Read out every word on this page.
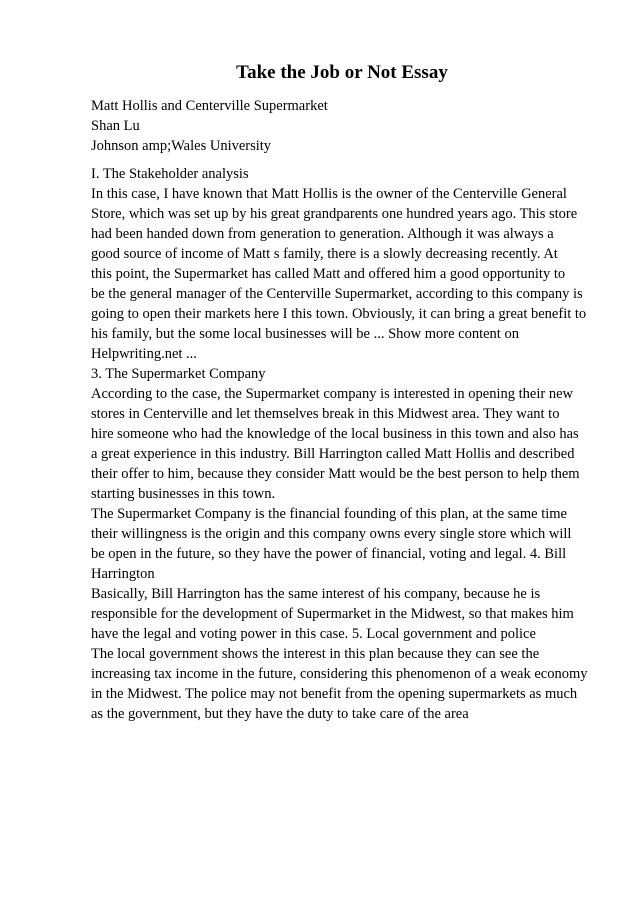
Take the Job or Not Essay
Matt Hollis and Centerville Supermarket
Shan Lu
Johnson amp;Wales University
I. The Stakeholder analysis
In this case, I have known that Matt Hollis is the owner of the Centerville General
Store, which was set up by his great grandparents one hundred years ago. This store
had been handed down from generation to generation. Although it was always a
good source of income of Matt s family, there is a slowly decreasing recently. At
this point, the Supermarket has called Matt and offered him a good opportunity to
be the general manager of the Centerville Supermarket, according to this company is
going to open their markets here I this town. Obviously, it can bring a great benefit to
his family, but the some local businesses will be ... Show more content on
Helpwriting.net ...
3. The Supermarket Company
According to the case, the Supermarket company is interested in opening their new
stores in Centerville and let themselves break in this Midwest area. They want to
hire someone who had the knowledge of the local business in this town and also has
a great experience in this industry. Bill Harrington called Matt Hollis and described
their offer to him, because they consider Matt would be the best person to help them
starting businesses in this town.
The Supermarket Company is the financial founding of this plan, at the same time
their willingness is the origin and this company owns every single store which will
be open in the future, so they have the power of financial, voting and legal. 4. Bill
Harrington
Basically, Bill Harrington has the same interest of his company, because he is
responsible for the development of Supermarket in the Midwest, so that makes him
have the legal and voting power in this case. 5. Local government and police
The local government shows the interest in this plan because they can see the
increasing tax income in the future, considering this phenomenon of a weak economy
in the Midwest. The police may not benefit from the opening supermarkets as much
as the government, but they have the duty to take care of the area
